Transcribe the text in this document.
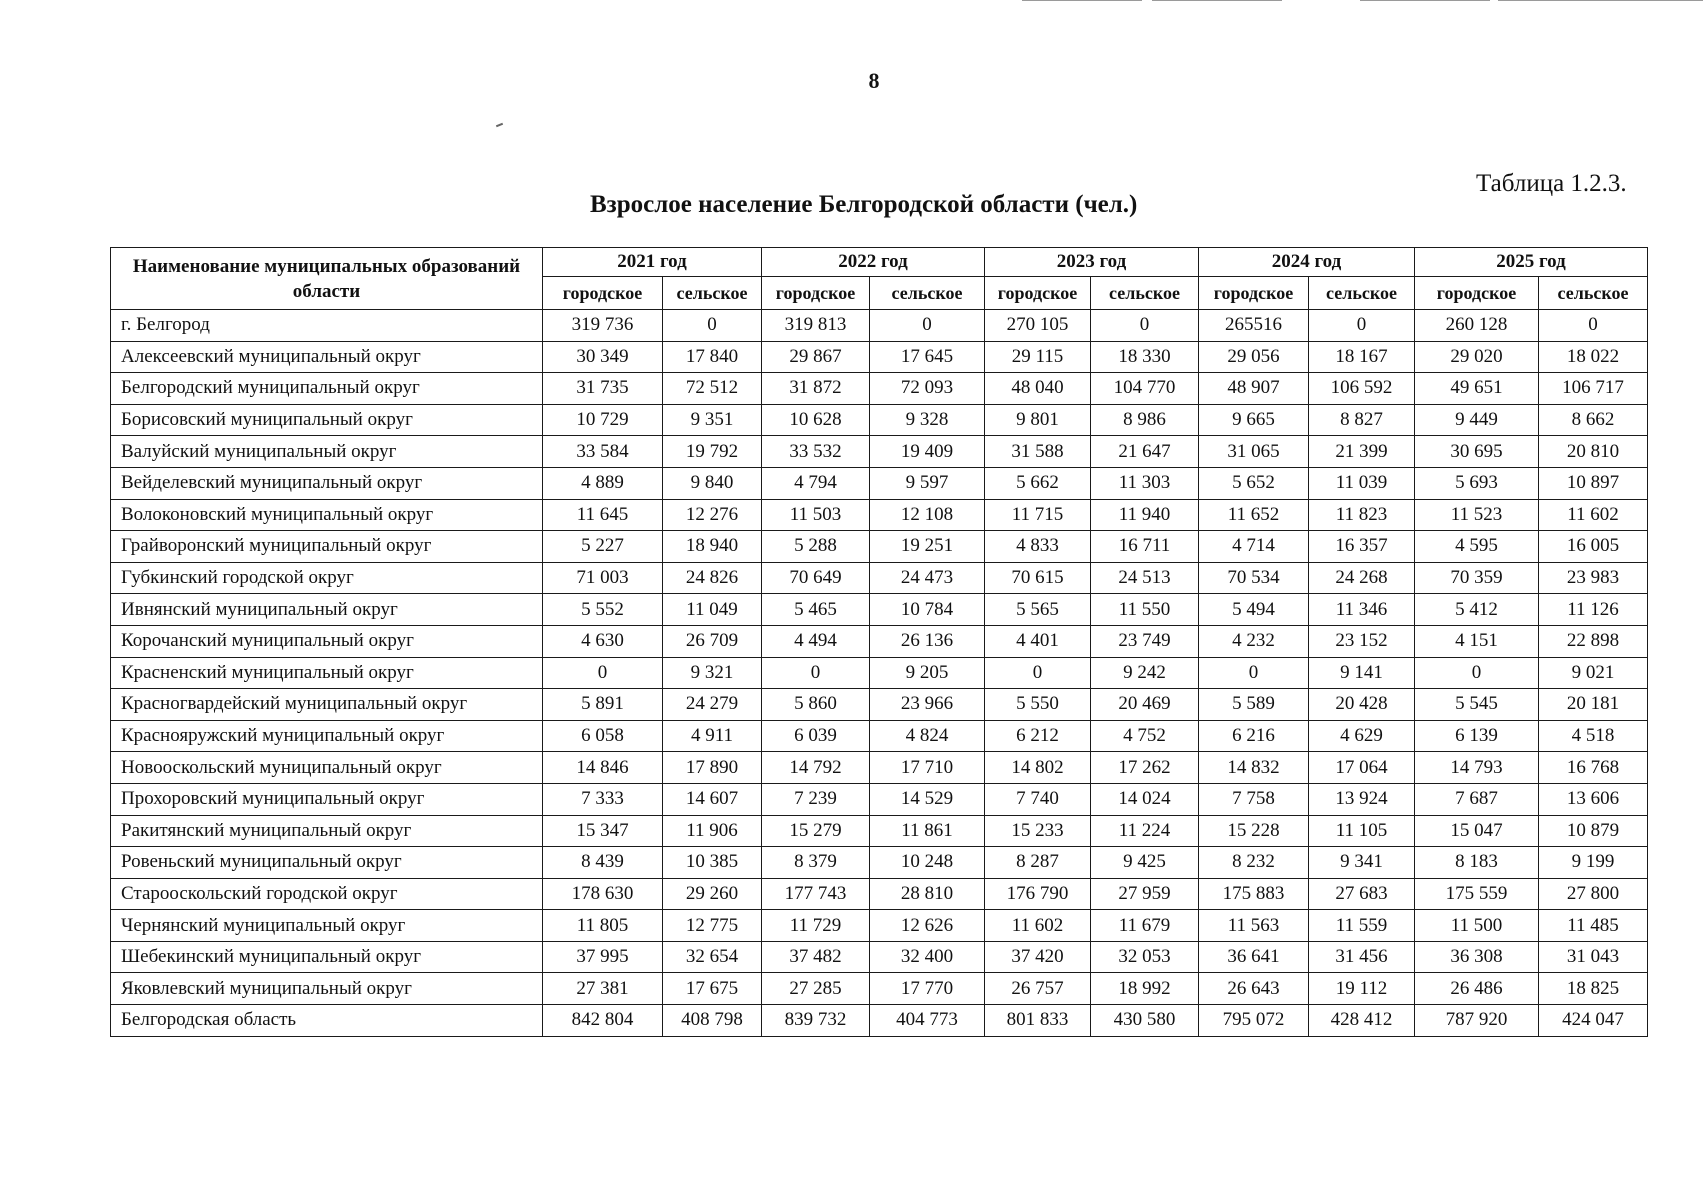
8
Таблица 1.2.3.
Взрослое население Белгородской области (чел.)
Наименование муниципальных образований области	2021 год		2022 год		2023 год		2024 год		2025 год	
	городское	сельское	городское	сельское	городское	сельское	городское	сельское	городское	сельское
г. Белгород	319 736	0	319 813	0	270 105	0	265516	0	260 128	0
Алексеевский муниципальный округ	30 349	17 840	29 867	17 645	29 115	18 330	29 056	18 167	29 020	18 022
Белгородский муниципальный округ	31 735	72 512	31 872	72 093	48 040	104 770	48 907	106 592	49 651	106 717
Борисовский муниципальный округ	10 729	9 351	10 628	9 328	9 801	8 986	9 665	8 827	9 449	8 662
Валуйский муниципальный округ	33 584	19 792	33 532	19 409	31 588	21 647	31 065	21 399	30 695	20 810
Вейделевский муниципальный округ	4 889	9 840	4 794	9 597	5 662	11 303	5 652	11 039	5 693	10 897
Волоконовский муниципальный округ	11 645	12 276	11 503	12 108	11 715	11 940	11 652	11 823	11 523	11 602
Грайворонский муниципальный округ	5 227	18 940	5 288	19 251	4 833	16 711	4 714	16 357	4 595	16 005
Губкинский городской округ	71 003	24 826	70 649	24 473	70 615	24 513	70 534	24 268	70 359	23 983
Ивнянский муниципальный округ	5 552	11 049	5 465	10 784	5 565	11 550	5 494	11 346	5 412	11 126
Корочанский муниципальный округ	4 630	26 709	4 494	26 136	4 401	23 749	4 232	23 152	4 151	22 898
Красненский муниципальный округ	0	9 321	0	9 205	0	9 242	0	9 141	0	9 021
Красногвардейский муниципальный округ	5 891	24 279	5 860	23 966	5 550	20 469	5 589	20 428	5 545	20 181
Краснояружский муниципальный округ	6 058	4 911	6 039	4 824	6 212	4 752	6 216	4 629	6 139	4 518
Новооскольский муниципальный округ	14 846	17 890	14 792	17 710	14 802	17 262	14 832	17 064	14 793	16 768
Прохоровский муниципальный округ	7 333	14 607	7 239	14 529	7 740	14 024	7 758	13 924	7 687	13 606
Ракитянский муниципальный округ	15 347	11 906	15 279	11 861	15 233	11 224	15 228	11 105	15 047	10 879
Ровеньский муниципальный округ	8 439	10 385	8 379	10 248	8 287	9 425	8 232	9 341	8 183	9 199
Старооскольский городской округ	178 630	29 260	177 743	28 810	176 790	27 959	175 883	27 683	175 559	27 800
Чернянский муниципальный округ	11 805	12 775	11 729	12 626	11 602	11 679	11 563	11 559	11 500	11 485
Шебекинский муниципальный округ	37 995	32 654	37 482	32 400	37 420	32 053	36 641	31 456	36 308	31 043
Яковлевский муниципальный округ	27 381	17 675	27 285	17 770	26 757	18 992	26 643	19 112	26 486	18 825
Белгородская область	842 804	408 798	839 732	404 773	801 833	430 580	795 072	428 412	787 920	424 047
